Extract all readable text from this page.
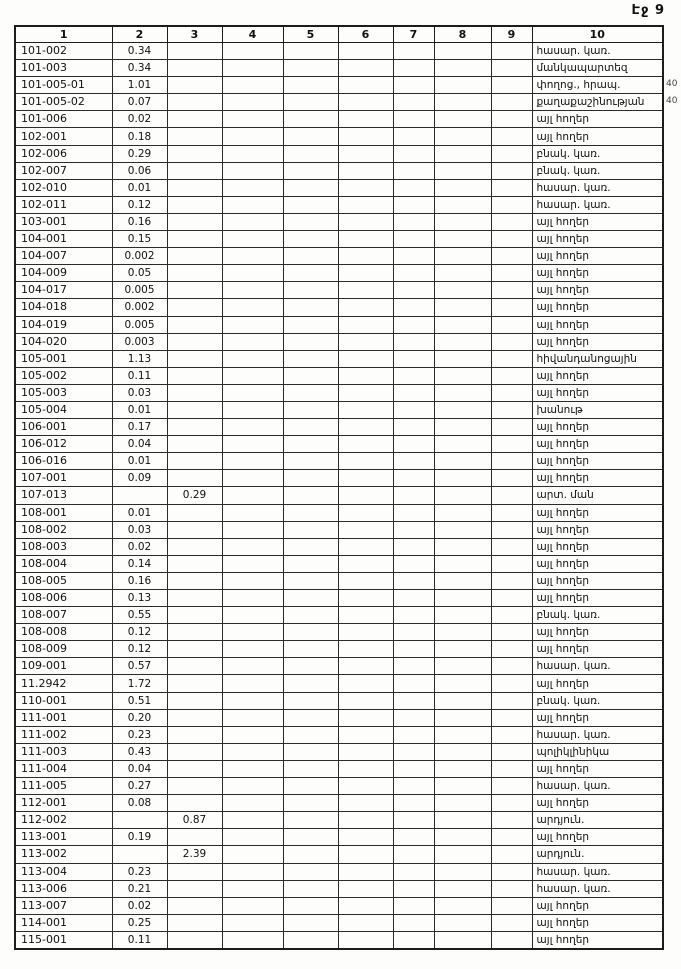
Էջ 9
1	2	3	4	5	6	7	8	9	10
101-002	0.34								հասար. կառ.
101-003	0.34								մանկապարտեզ
101-005-01	1.01								փողոց., հրապ.
101-005-02	0.07								քաղաքաշինության
101-006	0.02								այլ հողեր
102-001	0.18								այլ հողեր
102-006	0.29								բնակ. կառ.
102-007	0.06								բնակ. կառ.
102-010	0.01								հասար. կառ.
102-011	0.12								հասար. կառ.
103-001	0.16								այլ հողեր
104-001	0.15								այլ հողեր
104-007	0.002								այլ հողեր
104-009	0.05								այլ հողեր
104-017	0.005								այլ հողեր
104-018	0.002								այլ հողեր
104-019	0.005								այլ հողեր
104-020	0.003								այլ հողեր
105-001	1.13								հիվանդանոցային
105-002	0.11								այլ հողեր
105-003	0.03								այլ հողեր
105-004	0.01								խանութ
106-001	0.17								այլ հողեր
106-012	0.04								այլ հողեր
106-016	0.01								այլ հողեր
107-001	0.09								այլ հողեր
107-013		0.29							արտ. ման
108-001	0.01								այլ հողեր
108-002	0.03								այլ հողեր
108-003	0.02								այլ հողեր
108-004	0.14								այլ հողեր
108-005	0.16								այլ հողեր
108-006	0.13								այլ հողեր
108-007	0.55								բնակ. կառ.
108-008	0.12								այլ հողեր
108-009	0.12								այլ հողեր
109-001	0.57								հասար. կառ.
11.2942	1.72								այլ հողեր
110-001	0.51								բնակ. կառ.
111-001	0.20								այլ հողեր
111-002	0.23								հասար. կառ.
111-003	0.43								պոլիկլինիկա
111-004	0.04								այլ հողեր
111-005	0.27								հասար. կառ.
112-001	0.08								այլ հողեր
112-002		0.87							արդյուն.
113-001	0.19								այլ հողեր
113-002		2.39							արդյուն.
113-004	0.23								հասար. կառ.
113-006	0.21								հասար. կառ.
113-007	0.02								այլ հողեր
114-001	0.25								այլ հողեր
115-001	0.11								այլ հողեր
40
40
